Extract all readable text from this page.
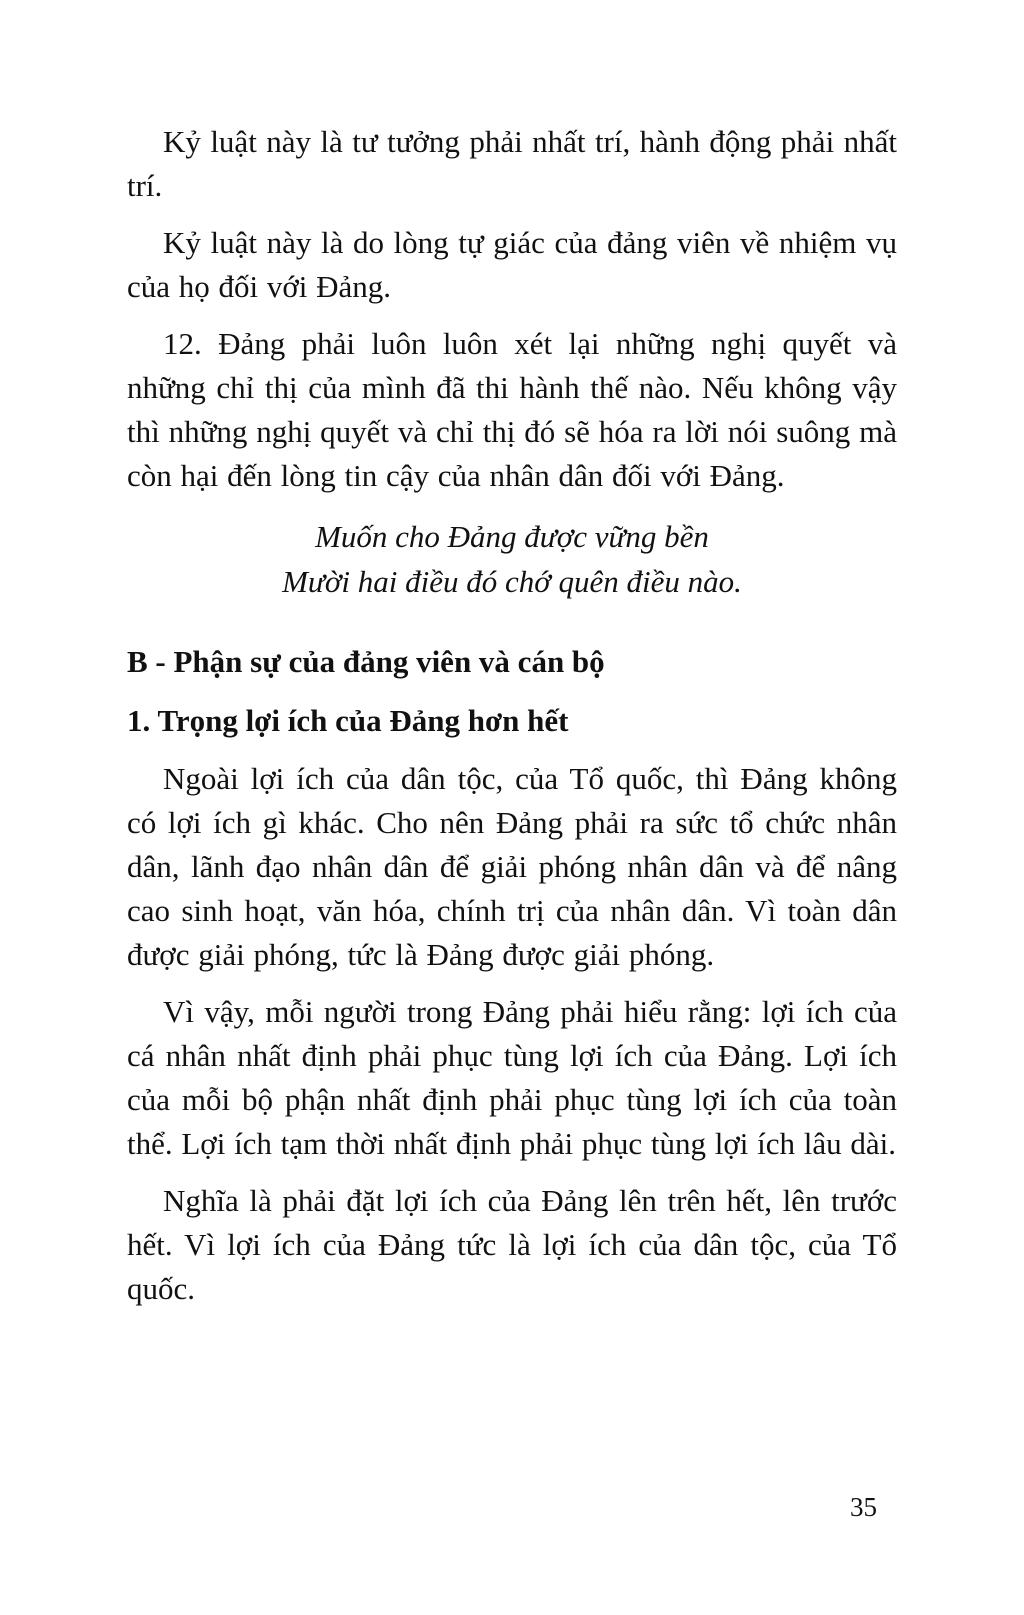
Kỷ luật này là tư tưởng phải nhất trí, hành động phải nhất trí.

Kỷ luật này là do lòng tự giác của đảng viên về nhiệm vụ của họ đối với Đảng.

12. Đảng phải luôn luôn xét lại những nghị quyết và những chỉ thị của mình đã thi hành thế nào. Nếu không vậy thì những nghị quyết và chỉ thị đó sẽ hóa ra lời nói suông mà còn hại đến lòng tin cậy của nhân dân đối với Đảng.

Muốn cho Đảng được vững bền

Mười hai điều đó chớ quên điều nào.

B - Phận sự của đảng viên và cán bộ
1. Trọng lợi ích của Đảng hơn hết

Ngoài lợi ích của dân tộc, của Tổ quốc, thì Đảng không có lợi ích gì khác. Cho nên Đảng phải ra sức tổ chức nhân dân, lãnh đạo nhân dân để giải phóng nhân dân và để nâng cao sinh hoạt, văn hóa, chính trị của nhân dân. Vì toàn dân được giải phóng, tức là Đảng được giải phóng.

Vì vậy, mỗi người trong Đảng phải hiểu rằng: lợi ích của cá nhân nhất định phải phục tùng lợi ích của Đảng. Lợi ích của mỗi bộ phận nhất định phải phục tùng lợi ích của toàn thể. Lợi ích tạm thời nhất định phải phục tùng lợi ích lâu dài.

Nghĩa là phải đặt lợi ích của Đảng lên trên hết, lên trước hết. Vì lợi ích của Đảng tức là lợi ích của dân tộc, của Tổ quốc.

35
